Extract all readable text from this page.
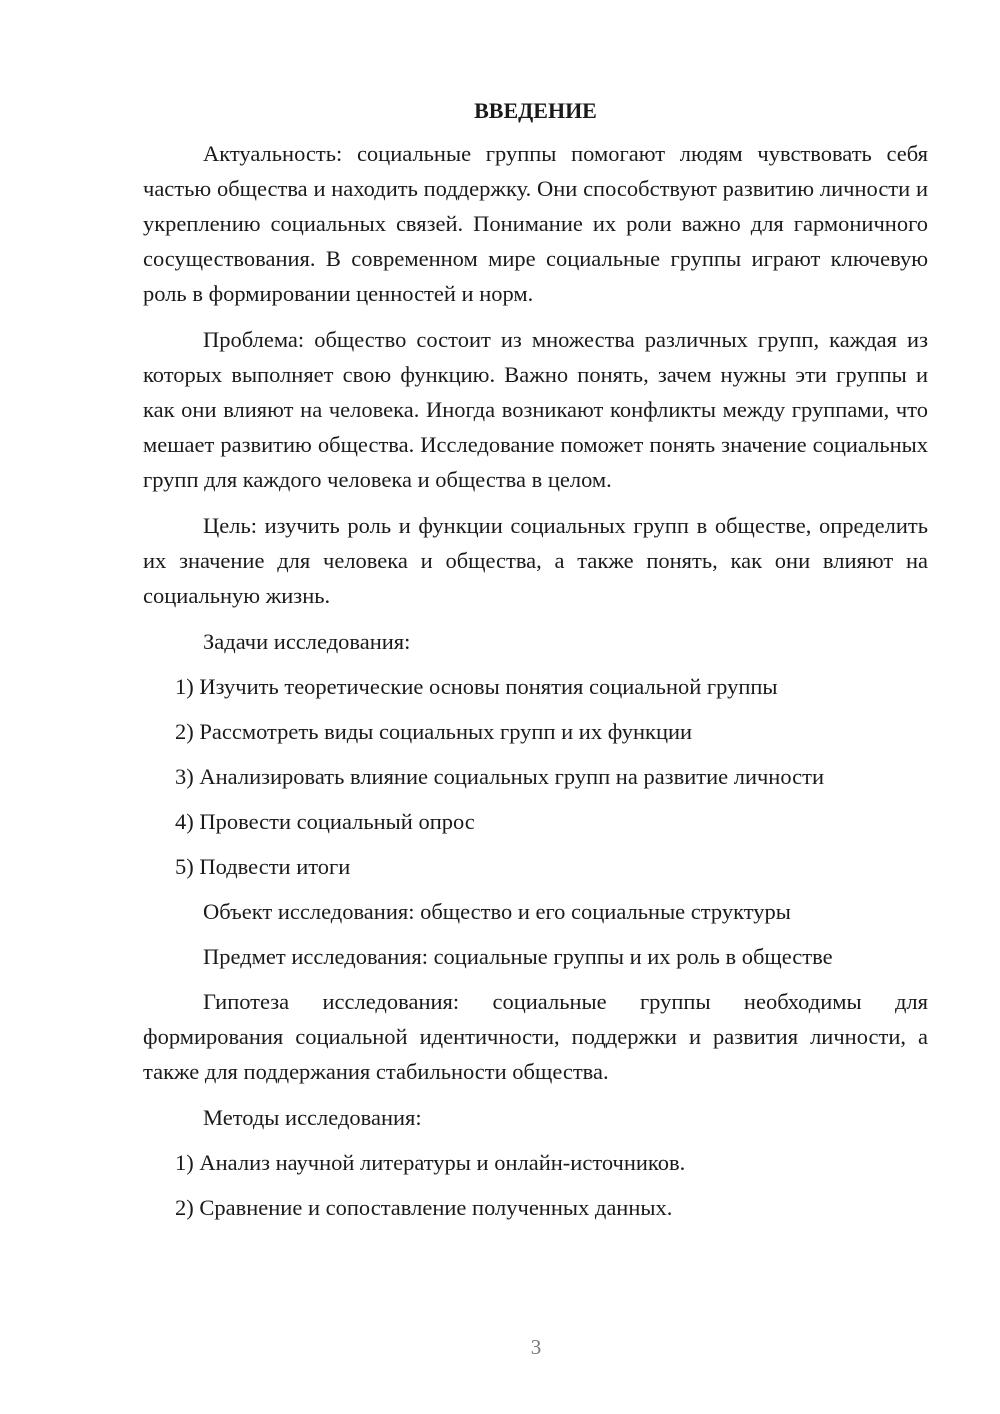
ВВЕДЕНИЕ

Актуальность: социальные группы помогают людям чувствовать себя частью общества и находить поддержку. Они способствуют развитию личности и укреплению социальных связей. Понимание их роли важно для гармоничного сосуществования. В современном мире социальные группы играют ключевую роль в формировании ценностей и норм.

Проблема: общество состоит из множества различных групп, каждая из которых выполняет свою функцию. Важно понять, зачем нужны эти группы и как они влияют на человека. Иногда возникают конфликты между группами, что мешает развитию общества. Исследование поможет понять значение социальных групп для каждого человека и общества в целом.

Цель: изучить роль и функции социальных групп в обществе, определить их значение для человека и общества, а также понять, как они влияют на социальную жизнь.

Задачи исследования:
1) Изучить теоретические основы понятия социальной группы
2) Рассмотреть виды социальных групп и их функции
3) Анализировать влияние социальных групп на развитие личности
4) Провести социальный опрос
5) Подвести итоги
Объект исследования: общество и его социальные структуры
Предмет исследования: социальные группы и их роль в обществе

Гипотеза исследования: социальные группы необходимы для формирования социальной идентичности, поддержки и развития личности, а также для поддержания стабильности общества.

Методы исследования:
1) Анализ научной литературы и онлайн-источников.
2) Сравнение и сопоставление полученных данных.
3
